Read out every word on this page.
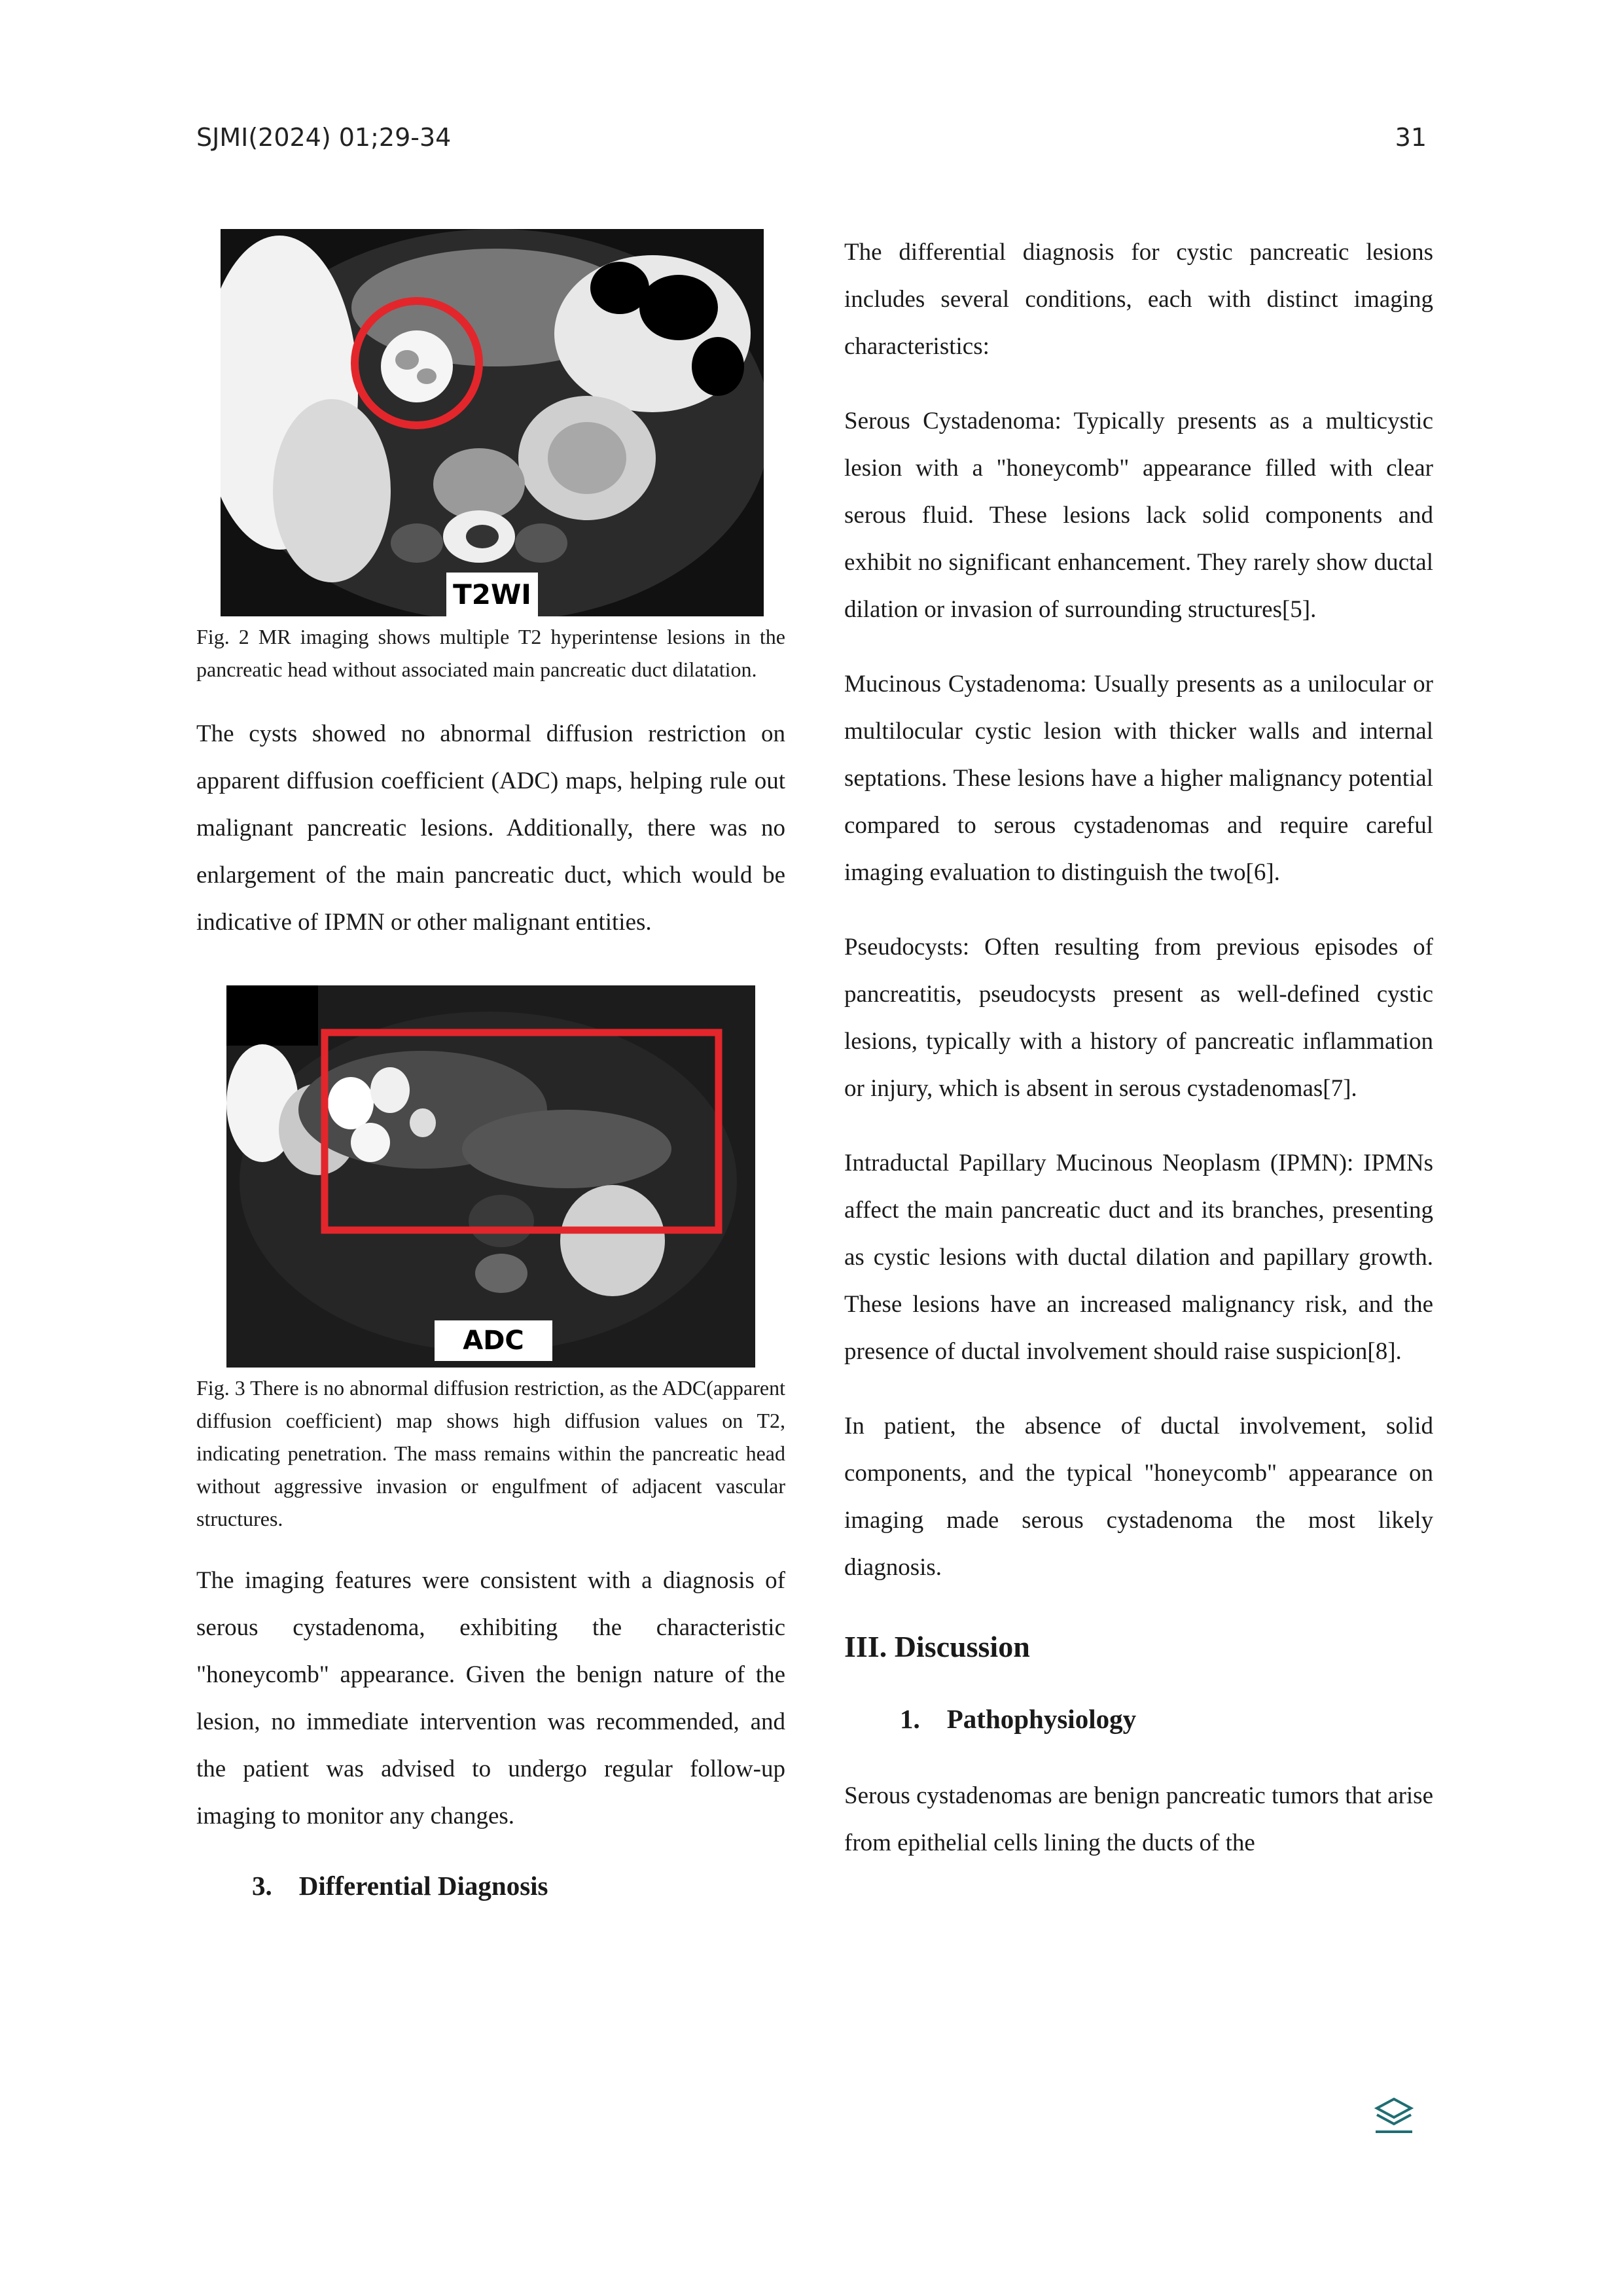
SJMI(2024) 01;29-34	31
T2WI

Fig. 2 MR imaging shows multiple T2 hyperintense lesions in the pancreatic head without associated main pancreatic duct dilatation.

The cysts showed no abnormal diffusion restriction on apparent diffusion coefficient (ADC) maps, helping rule out malignant pancreatic lesions. Additionally, there was no enlargement of the main pancreatic duct, which would be indicative of IPMN or other malignant entities.

ADC

Fig. 3 There is no abnormal diffusion restriction, as the ADC(apparent diffusion coefficient) map shows high diffusion values on T2, indicating penetration. The mass remains within the pancreatic head without aggressive invasion or engulfment of adjacent vascular structures.

The imaging features were consistent with a diagnosis of serous cystadenoma, exhibiting the characteristic "honeycomb" appearance. Given the benign nature of the lesion, no immediate intervention was recommended, and the patient was advised to undergo regular follow-up imaging to monitor any changes.

3. Differential Diagnosis

The differential diagnosis for cystic pancreatic lesions includes several conditions, each with distinct imaging characteristics:

Serous Cystadenoma: Typically presents as a multicystic lesion with a "honeycomb" appearance filled with clear serous fluid. These lesions lack solid components and exhibit no significant enhancement. They rarely show ductal dilation or invasion of surrounding structures[5].

Mucinous Cystadenoma: Usually presents as a unilocular or multilocular cystic lesion with thicker walls and internal septations. These lesions have a higher malignancy potential compared to serous cystadenomas and require careful imaging evaluation to distinguish the two[6].

Pseudocysts: Often resulting from previous episodes of pancreatitis, pseudocysts present as well-defined cystic lesions, typically with a history of pancreatic inflammation or injury, which is absent in serous cystadenomas[7].

Intraductal Papillary Mucinous Neoplasm (IPMN): IPMNs affect the main pancreatic duct and its branches, presenting as cystic lesions with ductal dilation and papillary growth. These lesions have an increased malignancy risk, and the presence of ductal involvement should raise suspicion[8].

In patient, the absence of ductal involvement, solid components, and the typical "honeycomb" appearance on imaging made serous cystadenoma the most likely diagnosis.

III. Discussion
1. Pathophysiology

Serous cystadenomas are benign pancreatic tumors that arise from epithelial cells lining the ducts of the
